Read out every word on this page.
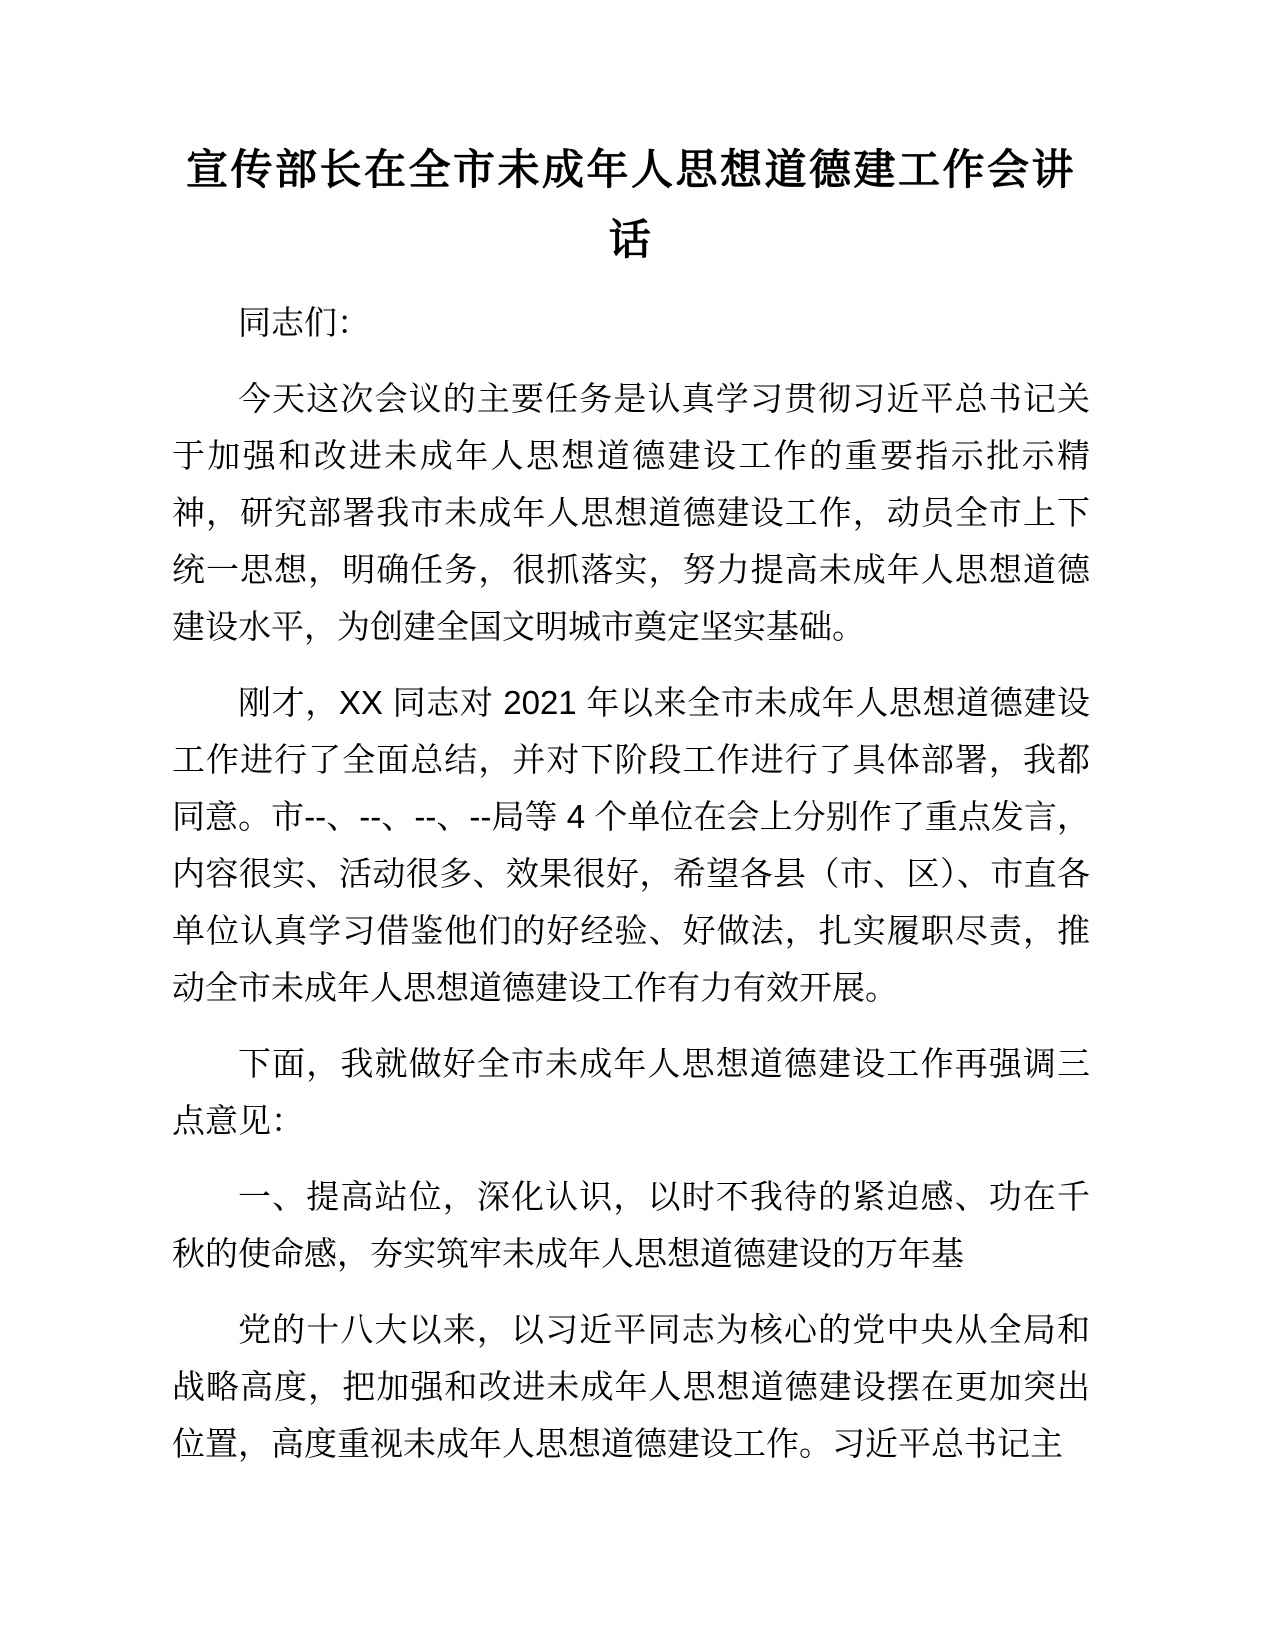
宣传部长在全市未成年人思想道德建工作会讲话

同志们：

今天这次会议的主要任务是认真学习贯彻习近平总书记关于加强和改进未成年人思想道德建设工作的重要指示批示精神，研究部署我市未成年人思想道德建设工作，动员全市上下统一思想，明确任务，很抓落实，努力提高未成年人思想道德建设水平，为创建全国文明城市奠定坚实基础。

刚才，XX 同志对 2021 年以来全市未成年人思想道德建设工作进行了全面总结，并对下阶段工作进行了具体部署，我都同意。市--、--、--、--局等 4 个单位在会上分别作了重点发言，内容很实、活动很多、效果很好，希望各县（市、区）、市直各单位认真学习借鉴他们的好经验、好做法，扎实履职尽责，推动全市未成年人思想道德建设工作有力有效开展。

下面，我就做好全市未成年人思想道德建设工作再强调三点意见：

一、提高站位，深化认识，以时不我待的紧迫感、功在千秋的使命感，夯实筑牢未成年人思想道德建设的万年基

党的十八大以来，以习近平同志为核心的党中央从全局和战略高度，把加强和改进未成年人思想道德建设摆在更加突出位置，高度重视未成年人思想道德建设工作。习近平总书记主
